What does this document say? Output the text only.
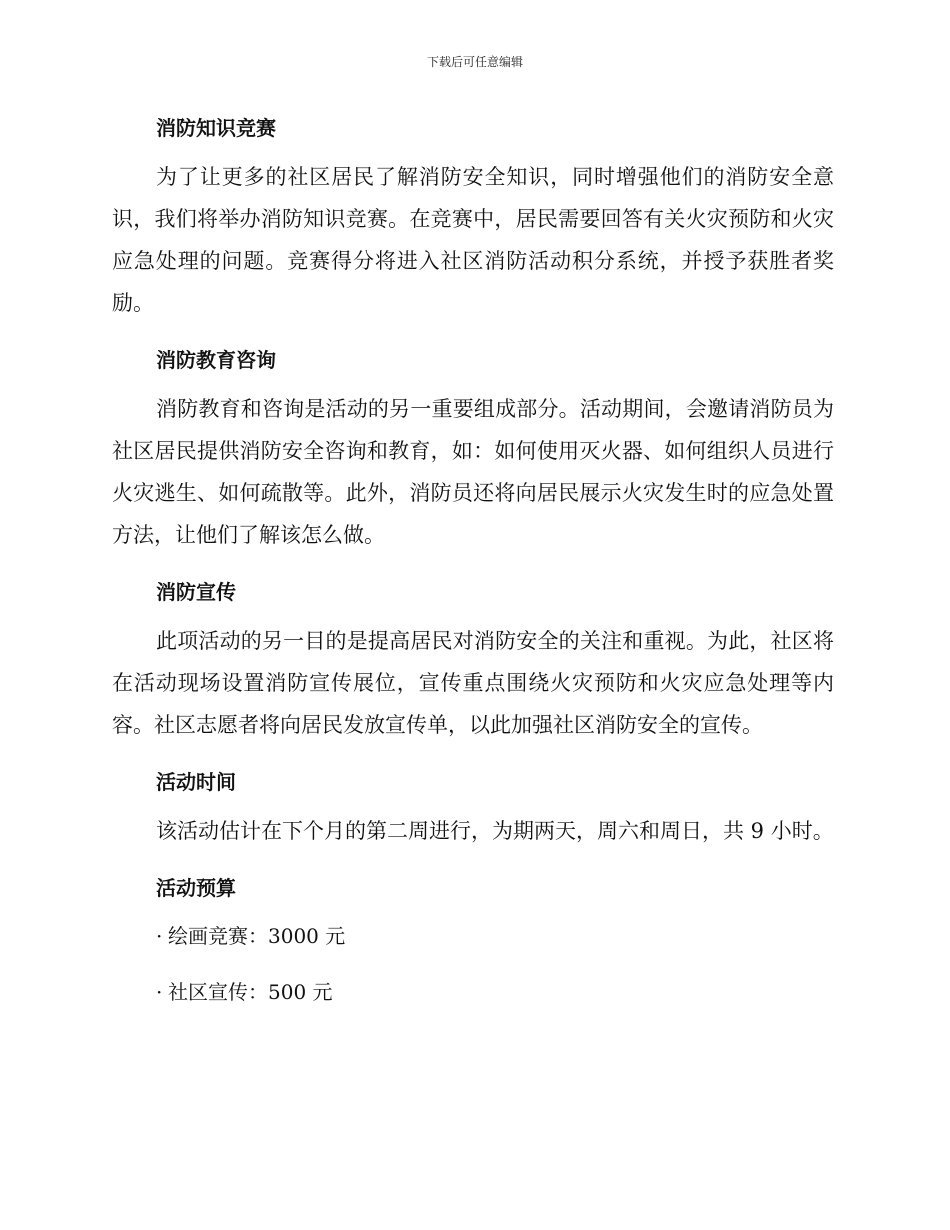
下载后可任意编辑
消防知识竞赛

为了让更多的社区居民了解消防安全知识，同时增强他们的消防安全意识，我们将举办消防知识竞赛。在竞赛中，居民需要回答有关火灾预防和火灾应急处理的问题。竞赛得分将进入社区消防活动积分系统，并授予获胜者奖励。

消防教育咨询

消防教育和咨询是活动的另一重要组成部分。活动期间，会邀请消防员为社区居民提供消防安全咨询和教育，如：如何使用灭火器、如何组织人员进行火灾逃生、如何疏散等。此外，消防员还将向居民展示火灾发生时的应急处置方法，让他们了解该怎么做。

消防宣传

此项活动的另一目的是提高居民对消防安全的关注和重视。为此，社区将在活动现场设置消防宣传展位，宣传重点围绕火灾预防和火灾应急处理等内容。社区志愿者将向居民发放宣传单，以此加强社区消防安全的宣传。

活动时间

该活动估计在下个月的第二周进行，为期两天，周六和周日，共 9 小时。

活动预算
· 绘画竞赛：3000 元
· 社区宣传：500 元
